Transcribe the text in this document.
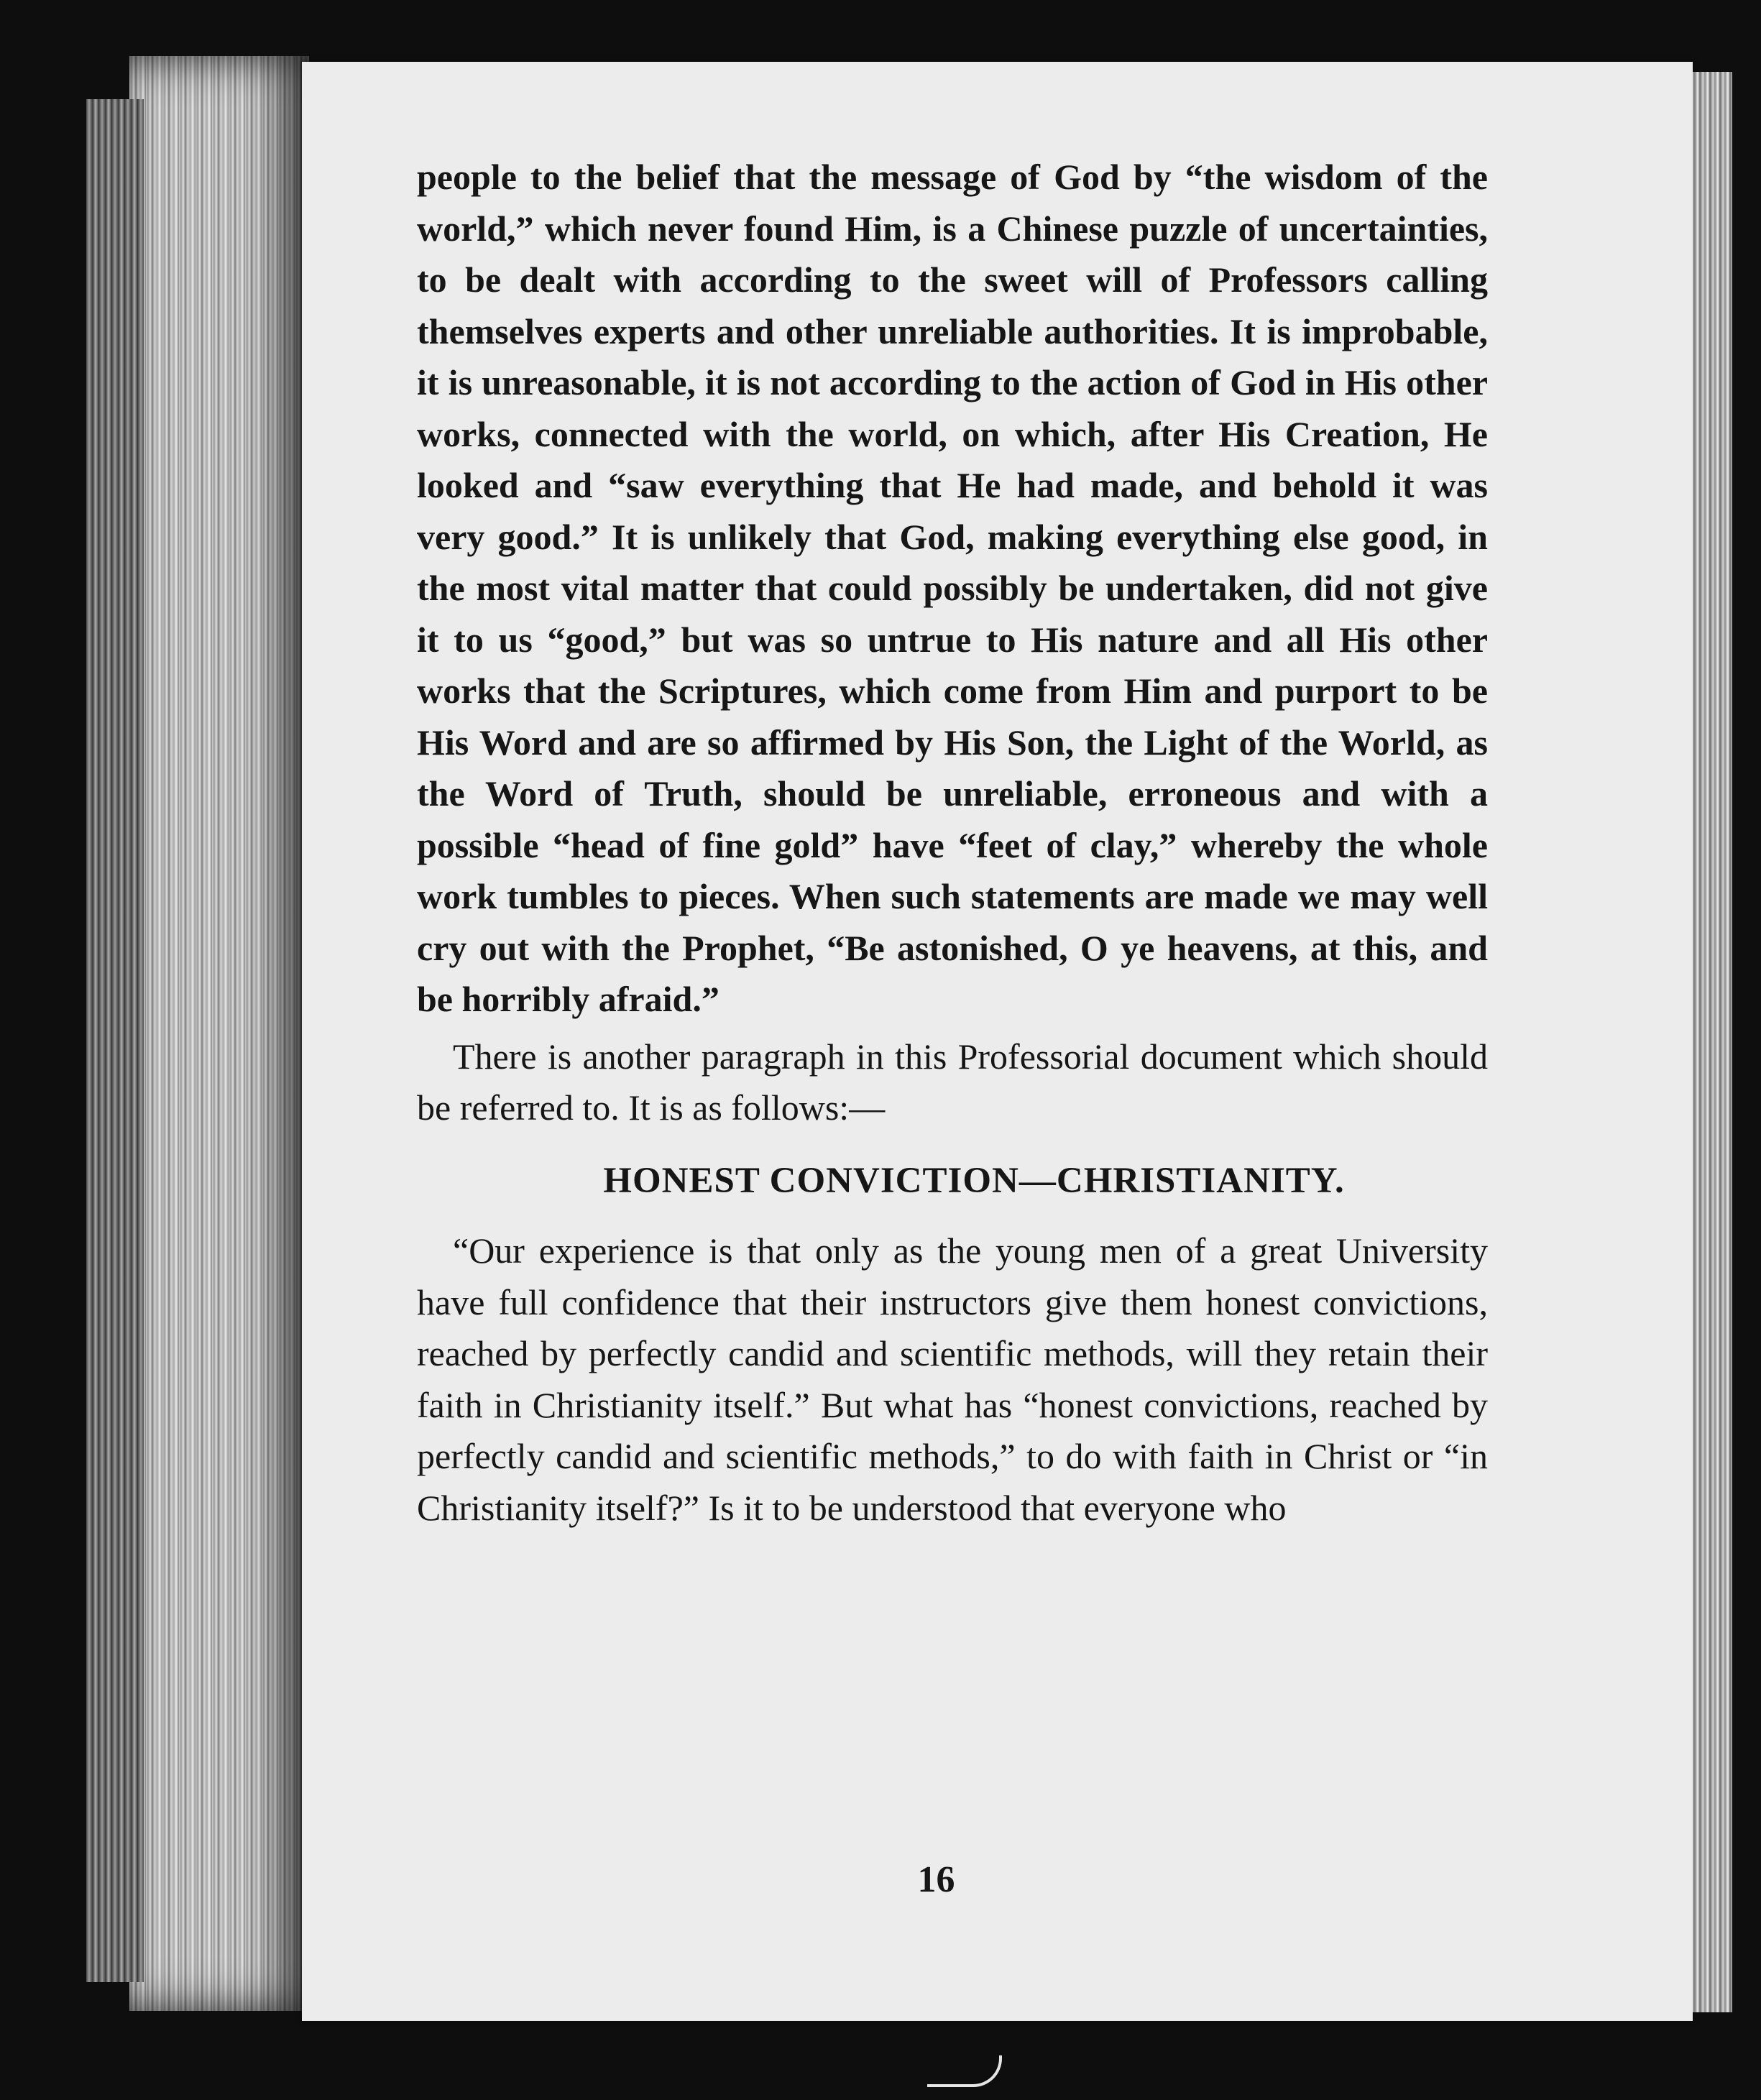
people to the belief that the message of God by “the wisdom of the world,” which never found Him, is a Chinese puzzle of uncertainties, to be dealt with according to the sweet will of Professors calling themselves experts and other unreliable authorities. It is improbable, it is unreasonable, it is not according to the action of God in His other works, connected with the world, on which, after His Creation, He looked and “saw everything that He had made, and behold it was very good.” It is unlikely that God, making everything else good, in the most vital matter that could possibly be undertaken, did not give it to us “good,” but was so untrue to His nature and all His other works that the Scriptures, which come from Him and purport to be His Word and are so affirmed by His Son, the Light of the World, as the Word of Truth, should be unreliable, erroneous and with a possible “head of fine gold” have “feet of clay,” whereby the whole work tumbles to pieces. When such statements are made we may well cry out with the Prophet, “Be astonished, O ye heavens, at this, and be horribly afraid.”

There is another paragraph in this Professorial document which should be referred to. It is as follows:—

HONEST CONVICTION—CHRISTIANITY.

“Our experience is that only as the young men of a great University have full confidence that their instructors give them honest convictions, reached by perfectly candid and scientific methods, will they retain their faith in Christianity itself.” But what has “honest convictions, reached by perfectly candid and scientific methods,” to do with faith in Christ or “in Christianity itself?” Is it to be understood that everyone who

16
